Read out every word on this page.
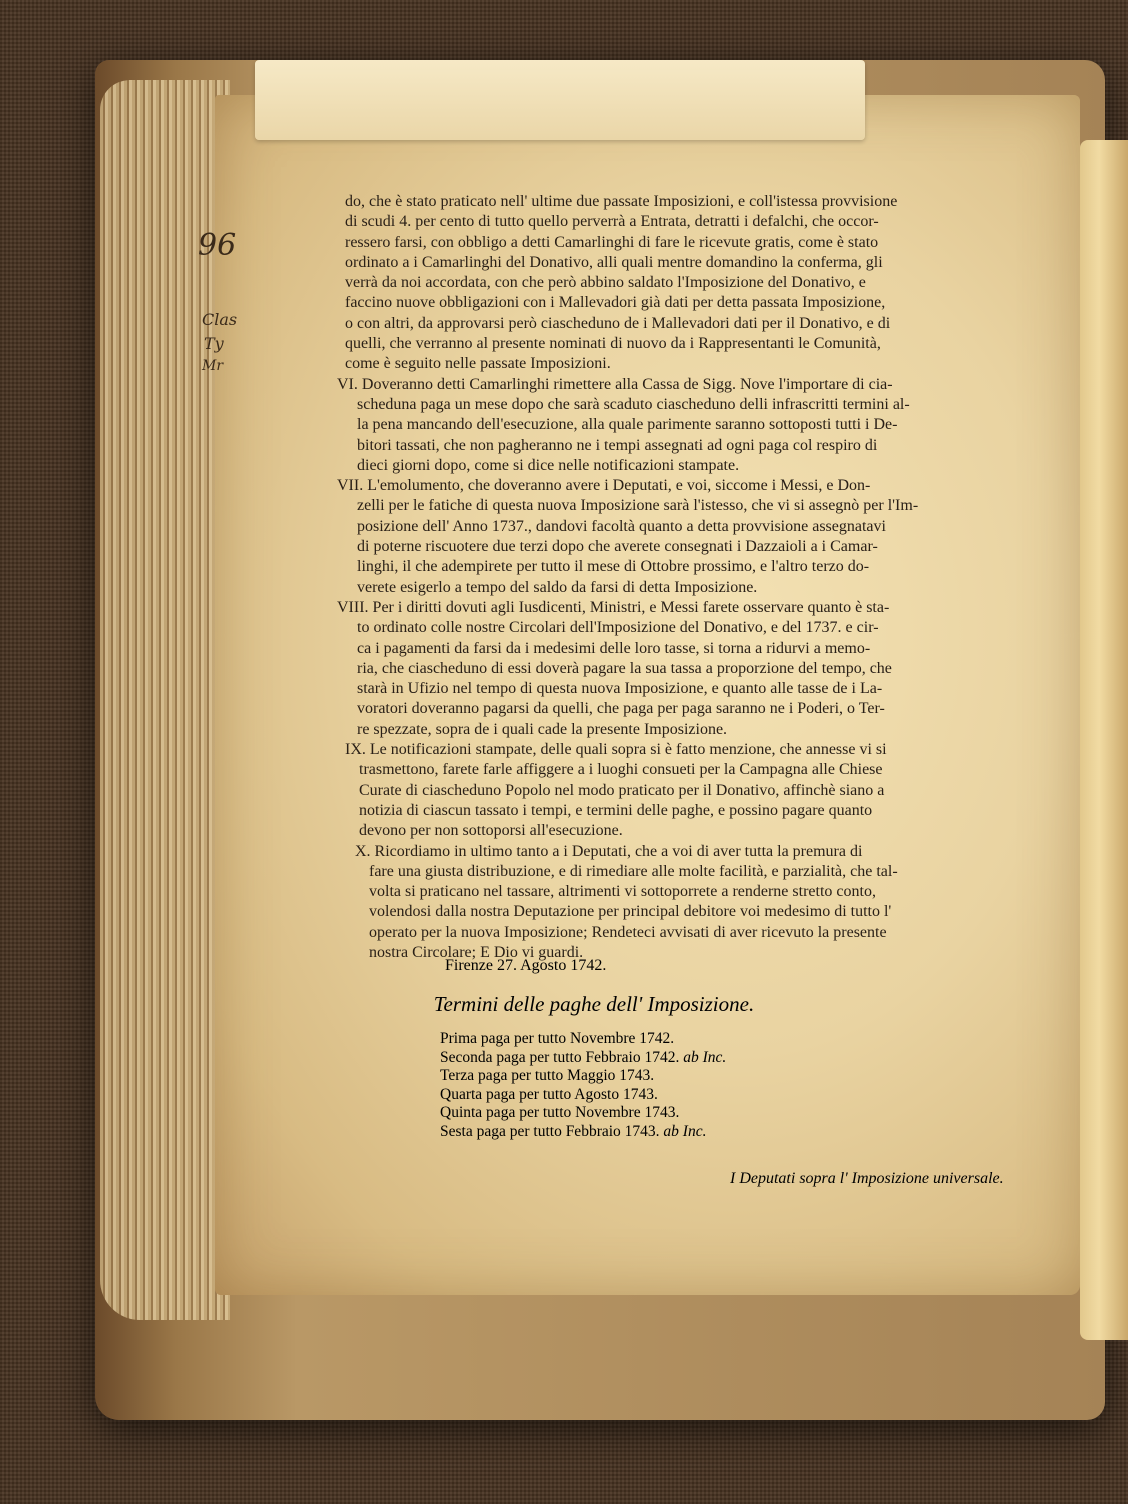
96
Clas
Ty
Mr
do, che è stato praticato nell' ultime due passate Imposizioni, e coll'istessa provvisione
di scudi 4. per cento di tutto quello perverrà a Entrata, detratti i defalchi, che occor-
ressero farsi, con obbligo a detti Camarlinghi di fare le ricevute gratis, come è stato
ordinato a i Camarlinghi del Donativo, alli quali mentre domandino la conferma, gli
verrà da noi accordata, con che però abbino saldato l'Imposizione del Donativo, e
faccino nuove obbligazioni con i Mallevadori già dati per detta passata Imposizione,
o con altri, da approvarsi però ciascheduno de i Mallevadori dati per il Donativo, e di
quelli, che verranno al presente nominati di nuovo da i Rappresentanti le Comunità,
come è seguito nelle passate Imposizioni.
VI. Doveranno detti Camarlinghi rimettere alla Cassa de Sigg. Nove l'importare di cia-
scheduna paga un mese dopo che sarà scaduto ciascheduno delli infrascritti termini al-
la pena mancando dell'esecuzione, alla quale parimente saranno sottoposti tutti i De-
bitori tassati, che non pagheranno ne i tempi assegnati ad ogni paga col respiro di
dieci giorni dopo, come si dice nelle notificazioni stampate.
VII. L'emolumento, che doveranno avere i Deputati, e voi, siccome i Messi, e Don-
zelli per le fatiche di questa nuova Imposizione sarà l'istesso, che vi si assegnò per l'Im-
posizione dell' Anno 1737., dandovi facoltà quanto a detta provvisione assegnatavi
di poterne riscuotere due terzi dopo che averete consegnati i Dazzaioli a i Camar-
linghi, il che adempirete per tutto il mese di Ottobre prossimo, e l'altro terzo do-
verete esigerlo a tempo del saldo da farsi di detta Imposizione.
VIII. Per i diritti dovuti agli Iusdicenti, Ministri, e Messi farete osservare quanto è sta-
to ordinato colle nostre Circolari dell'Imposizione del Donativo, e del 1737. e cir-
ca i pagamenti da farsi da i medesimi delle loro tasse, si torna a ridurvi a memo-
ria, che ciascheduno di essi doverà pagare la sua tassa a proporzione del tempo, che
starà in Ufizio nel tempo di questa nuova Imposizione, e quanto alle tasse de i La-
voratori doveranno pagarsi da quelli, che paga per paga saranno ne i Poderi, o Ter-
re spezzate, sopra de i quali cade la presente Imposizione.
IX. Le notificazioni stampate, delle quali sopra si è fatto menzione, che annesse vi si
trasmettono, farete farle affiggere a i luoghi consueti per la Campagna alle Chiese
Curate di ciascheduno Popolo nel modo praticato per il Donativo, affinchè siano a
notizia di ciascun tassato i tempi, e termini delle paghe, e possino pagare quanto
devono per non sottoporsi all'esecuzione.
X. Ricordiamo in ultimo tanto a i Deputati, che a voi di aver tutta la premura di
fare una giusta distribuzione, e di rimediare alle molte facilità, e parzialità, che tal-
volta si praticano nel tassare, altrimenti vi sottoporrete a renderne stretto conto,
volendosi dalla nostra Deputazione per principal debitore voi medesimo di tutto l'
operato per la nuova Imposizione; Rendeteci avvisati di aver ricevuto la presente
nostra Circolare; E Dio vi guardi.
Firenze 27. Agosto 1742.
Termini delle paghe dell' Imposizione.
Prima paga per tutto Novembre 1742.
Seconda paga per tutto Febbraio 1742. ab Inc.
Terza paga per tutto Maggio 1743.
Quarta paga per tutto Agosto 1743.
Quinta paga per tutto Novembre 1743.
Sesta paga per tutto Febbraio 1743. ab Inc.
I Deputati sopra l' Imposizione universale.
